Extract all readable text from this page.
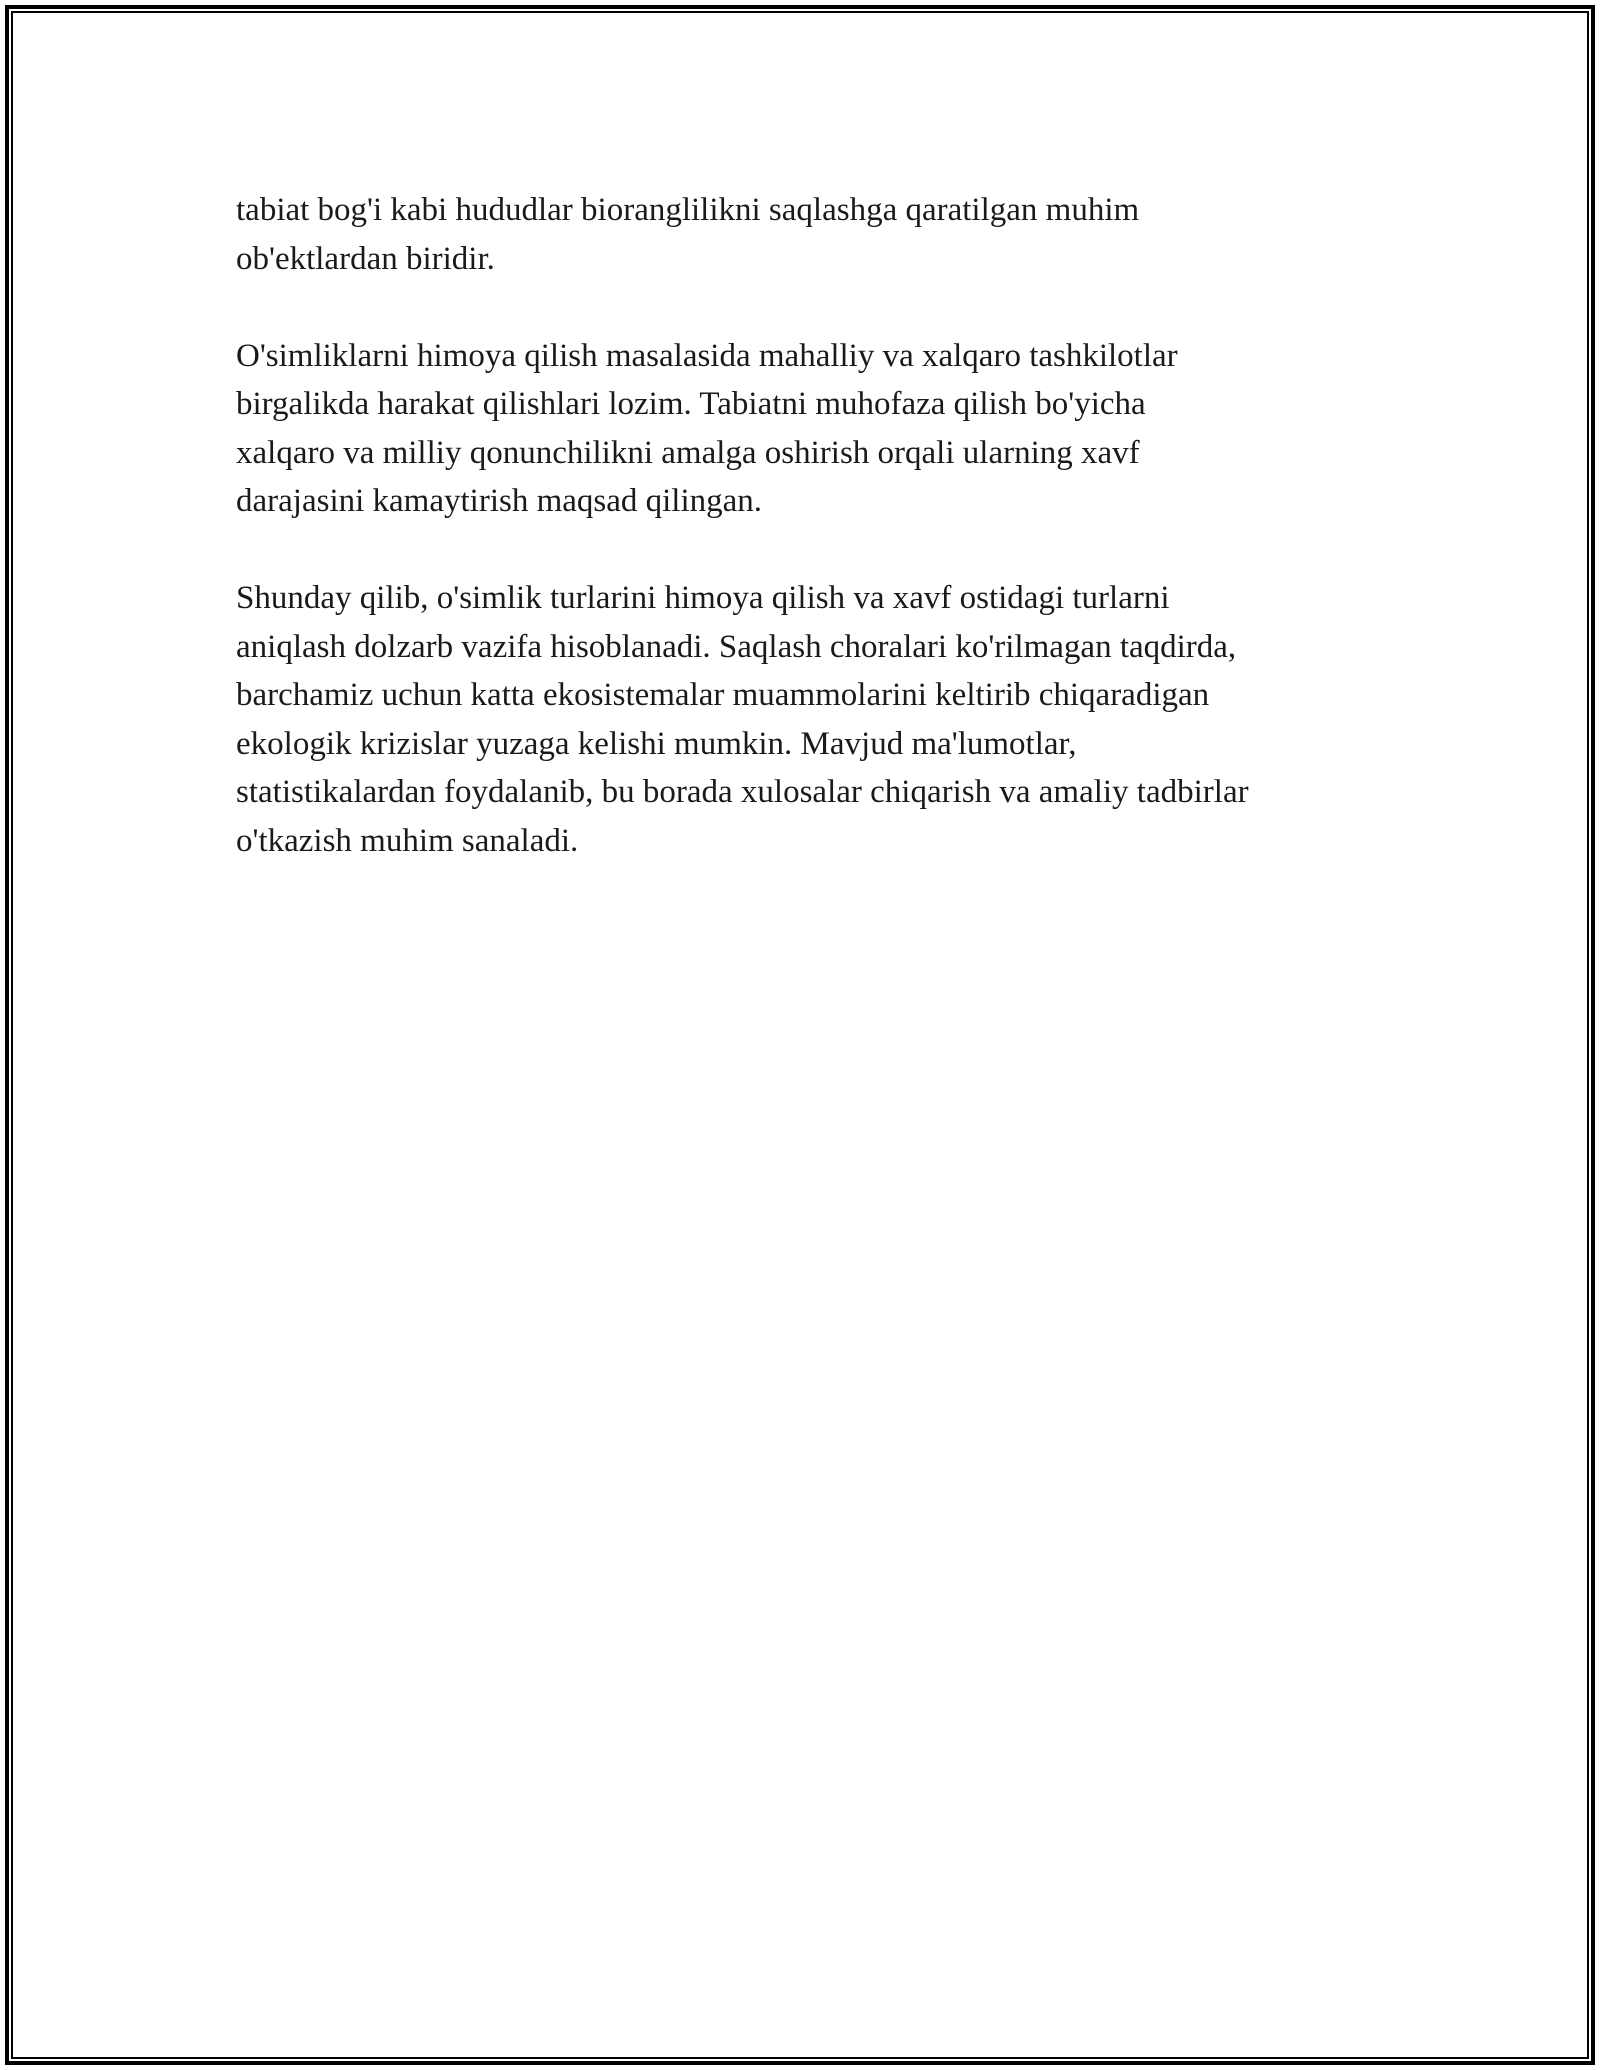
tabiat bog'i kabi hududlar bioranglilikni saqlashga qaratilgan muhim
ob'ektlardan biridir.

O'simliklarni himoya qilish masalasida mahalliy va xalqaro tashkilotlar
birgalikda harakat qilishlari lozim. Tabiatni muhofaza qilish bo'yicha
xalqaro va milliy qonunchilikni amalga oshirish orqali ularning xavf
darajasini kamaytirish maqsad qilingan.

Shunday qilib, o'simlik turlarini himoya qilish va xavf ostidagi turlarni
aniqlash dolzarb vazifa hisoblanadi. Saqlash choralari ko'rilmagan taqdirda,
barchamiz uchun katta ekosistemalar muammolarini keltirib chiqaradigan
ekologik krizislar yuzaga kelishi mumkin. Mavjud ma'lumotlar,
statistikalardan foydalanib, bu borada xulosalar chiqarish va amaliy tadbirlar
o'tkazish muhim sanaladi.
